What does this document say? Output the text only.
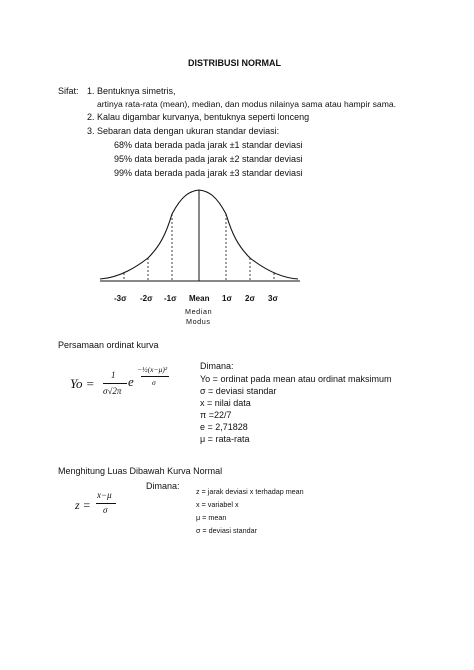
DISTRIBUSI NORMAL
Sifat: 1. Bentuknya simetris,
artinya rata-rata (mean), median, dan modus nilainya sama atau hampir sama.
2. Kalau digambar kurvanya, bentuknya seperti lonceng
3. Sebaran data dengan ukuran standar deviasi:
68% data berada pada jarak ±1 standar deviasi
95% data berada pada jarak ±2 standar deviasi
99% data berada pada jarak ±3 standar deviasi
-3σ -2σ -1σ Mean 1σ 2σ 3σ
Median
Modus
Persamaan ordinat kurva
Yo =
1
σ√2π
e
−½(x−μ)²
σ
Dimana:
Yo = ordinat pada mean atau ordinat maksimum
σ = deviasi standar
x = nilai data
π =22/7
e = 2,71828
μ = rata-rata
Menghitung Luas Dibawah Kurva Normal
Dimana:
z =
x−μ
σ
z = jarak deviasi x terhadap mean
x = variabel x
μ = mean
σ = deviasi standar
